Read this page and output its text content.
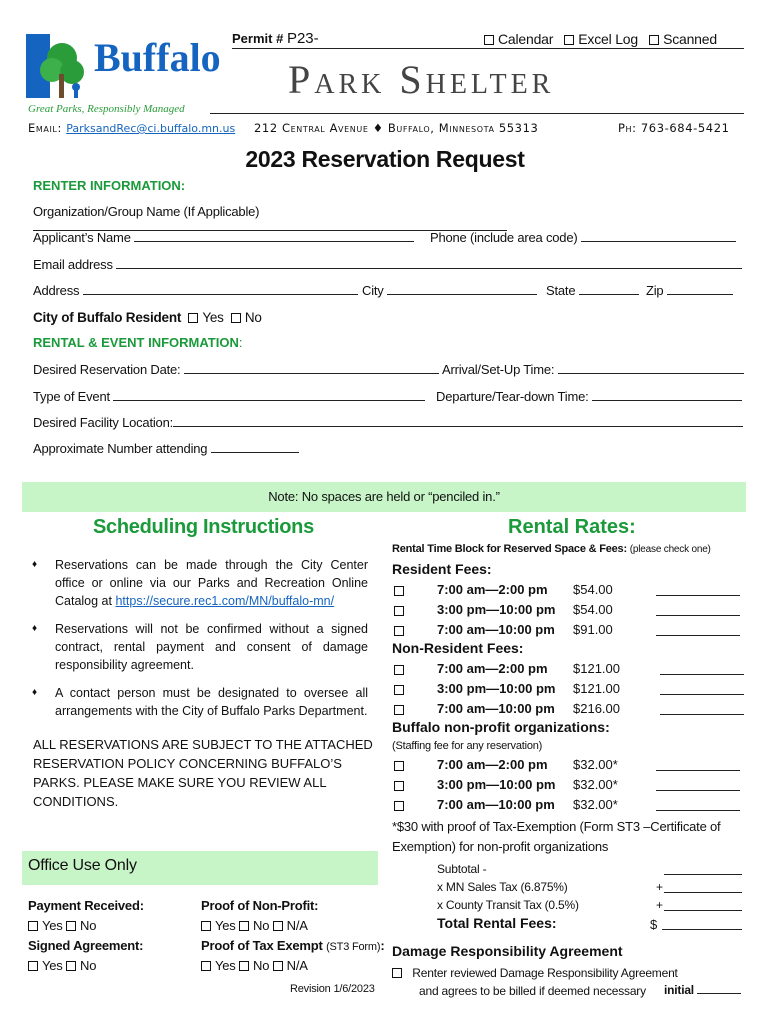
Buffalo
Great Parks, Responsibly Managed
Permit # P23-	Calendar Excel Log Scanned
Park Shelter
Email: ParksandRec@ci.buffalo.mn.us 212 Central Avenue ♦ Buffalo, Minnesota 55313	Ph: 763-684-5421
2023 Reservation Request
RENTER INFORMATION:
Organization/Group Name (If Applicable)
Applicant’s Name	Phone (include area code)
Email address
Address	City	State	Zip
City of Buffalo Resident Yes No
RENTAL & EVENT INFORMATION:
Desired Reservation Date:	Arrival/Set-Up Time:
Type of Event	Departure/Tear-down Time:
Desired Facility Location:
Approximate Number attending
Note: No spaces are held or “penciled in.”
Scheduling Instructions
♦ Reservations can be made through the City Center office or online via our Parks and Recreation Online Catalog at https://secure.rec1.com/MN/buffalo-mn/
♦ Reservations will not be confirmed without a signed contract, rental payment and consent of damage responsibility agreement.
♦ A contact person must be designated to oversee all arrangements with the City of Buffalo Parks Department.
ALL RESERVATIONS ARE SUBJECT TO THE ATTACHED RESERVATION POLICY CONCERNING BUFFALO’S PARKS. PLEASE MAKE SURE YOU REVIEW ALL CONDITIONS.
Office Use Only
Payment Received:
Yes No
Signed Agreement:
Yes No
Proof of Non-Profit:
Yes No N/A
Proof of Tax Exempt (ST3 Form):
Yes No N/A
Revision 1/6/2023
Rental Rates:
Rental Time Block for Reserved Space & Fees: (please check one)
Resident Fees:
7:00 am—2:00 pm $54.00
3:00 pm—10:00 pm $54.00
7:00 am—10:00 pm $91.00
Non-Resident Fees:
7:00 am—2:00 pm $121.00
3:00 pm—10:00 pm $121.00
7:00 am—10:00 pm $216.00
Buffalo non-profit organizations:
(Staffing fee for any reservation)
7:00 am—2:00 pm $32.00*
3:00 pm—10:00 pm $32.00*
7:00 am—10:00 pm $32.00*
*$30 with proof of Tax-Exemption (Form ST3 –Certificate of Exemption) for non-profit organizations
Subtotal -
x MN Sales Tax (6.875%)	+
x County Transit Tax (0.5%)	+
Total Rental Fees:	$
Damage Responsibility Agreement
Renter reviewed Damage Responsibility Agreement
and agrees to be billed if deemed necessary	initial
